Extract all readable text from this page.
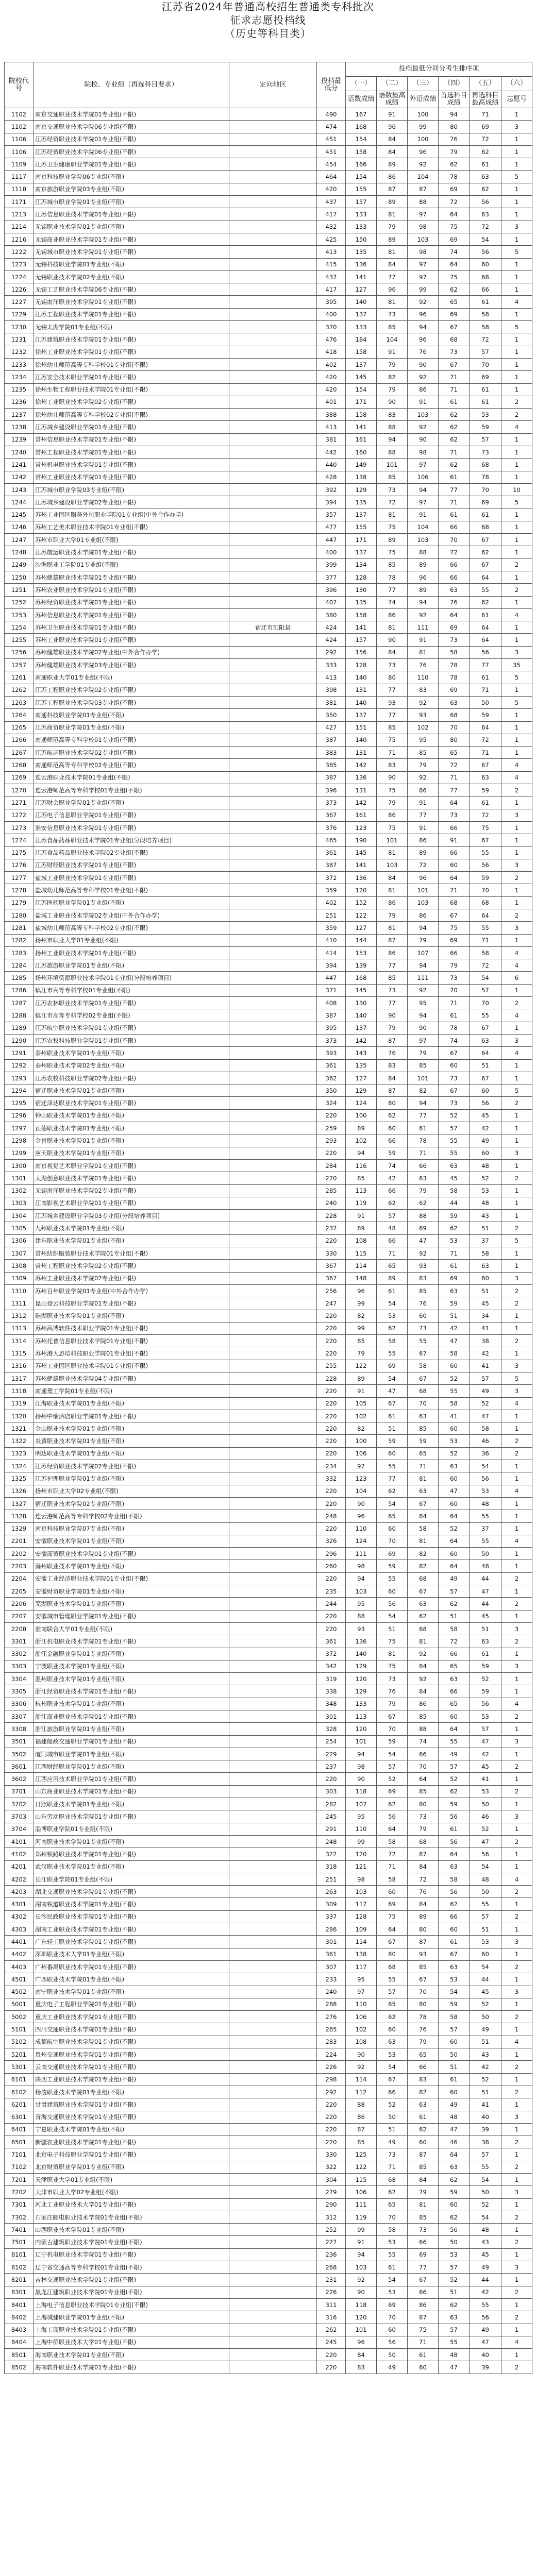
江苏省2024年普通高校招生普通类专科批次
征求志愿投档线
（历史等科目类）
院校代号	院校、专业组（再选科目要求）	定向地区	投档最低分	投档最低分同分考生排序项					
				（一）	（二）	（三）	（四）	（五）	（六）
				语数成绩	语数最高成绩	外语成绩	首选科目成绩	再选科目最高成绩	志愿号
1102	南京交通职业技术学院01专业组(不限)		490	167	91	100	94	71	1
1102	南京交通职业技术学院06专业组(不限)		474	168	96	99	80	69	3
1106	江苏经贸职业技术学院01专业组(不限)		451	154	84	100	76	72	1
1106	江苏经贸职业技术学院06专业组(不限)		451	158	84	96	79	62	1
1109	江苏卫生健康职业学院01专业组(不限)		454	166	89	92	62	61	1
1117	南京科技职业学院06专业组(不限)		464	154	86	104	78	63	5
1118	南京旅游职业学院03专业组(不限)		420	155	87	87	69	62	1
1171	江苏城市职业学院01专业组(不限)		437	157	89	88	72	56	1
1213	江苏信息职业技术学院01专业组(不限)		417	133	81	97	64	63	1
1214	无锡职业技术学院01专业组(不限)		432	133	79	98	75	72	3
1216	无锡商业职业技术学院01专业组(不限)		425	150	89	103	69	54	1
1222	无锡城市职业技术学院01专业组(不限)		413	135	81	98	74	56	5
1223	无锡科技职业学院01专业组(不限)		415	136	84	97	64	60	1
1224	无锡职业技术学院02专业组(不限)		437	141	77	97	75	68	1
1226	无锡工艺职业技术学院06专业组(不限)		417	127	96	99	62	66	1
1227	无锡南洋职业技术学院01专业组(不限)		395	140	81	92	65	61	4
1229	江苏工程职业技术学院01专业组(不限)		400	137	73	96	69	58	1
1230	无锡太湖学院01专业组(不限)		370	133	85	94	67	58	5
1231	江苏建筑职业技术学院01专业组(不限)		476	184	104	96	68	72	1
1232	徐州工业职业技术学院01专业组(不限)		418	158	91	76	73	57	1
1233	徐州幼儿师范高等专科学校01专业组(不限)		402	137	79	90	67	70	1
1234	江苏安全技术职业学院01专业组(不限)		420	145	82	92	71	69	1
1235	徐州生物工程职业技术学院01专业组(不限)		420	154	79	86	71	61	1
1236	徐州工业职业技术学院02专业组(不限)		401	171	90	91	61	61	2
1237	徐州幼儿师范高等专科学校02专业组(不限)		388	158	83	103	62	53	2
1238	江苏城乡建设职业学院01专业组(不限)		413	141	88	92	62	59	4
1239	常州信息职业技术学院01专业组(不限)		381	161	94	90	62	57	1
1240	常州工程职业技术学院01专业组(不限)		442	160	88	98	71	73	1
1241	常州机电职业技术学院01专业组(不限)		440	149	101	97	62	68	1
1242	常州工业职业技术学院01专业组(不限)		428	138	85	106	61	78	1
1243	江苏城市职业学院03专业组(不限)		392	129	73	94	77	70	10
1244	江苏城乡建设职业学院02专业组(不限)		394	135	72	97	71	69	5
1245	苏州工业园区服务外包职业学院01专业组(中外合作办学)		357	137	81	91	61	61	1
1246	苏州工艺美术职业技术学院01专业组(不限)		477	155	75	104	66	68	1
1247	苏州市职业大学01专业组(不限)		447	171	89	103	70	67	1
1248	江苏航运职业技术学院01专业组(不限)		400	137	75	88	72	62	1
1249	沙洲职业工学院01专业组(不限)		399	134	85	89	66	67	2
1250	苏州健雄职业技术学院01专业组(不限)		377	128	78	96	66	64	1
1251	苏州农业职业技术学院01专业组(不限)		396	130	77	89	63	55	2
1252	苏州经贸职业技术学院01专业组(不限)		407	135	74	94	76	62	1
1253	苏州信息职业技术学院01专业组(不限)		380	158	86	92	64	61	4
1254	苏州卫生职业技术学院01专业组(不限)	宿迁市泗阳县	424	141	81	111	69	64	1
1255	苏州工业职业技术学院01专业组(不限)		424	157	90	91	73	64	1
1256	苏州健雄职业技术学院02专业组(中外合作办学)		292	156	84	81	58	56	3
1257	苏州健雄职业技术学院03专业组(不限)		333	128	73	76	78	77	35
1261	南通职业大学01专业组(不限)		413	140	80	110	78	61	5
1262	江苏工程职业技术学院02专业组(不限)		398	131	77	83	69	71	1
1263	江苏工程职业技术学院03专业组(不限)		381	140	93	92	63	50	5
1264	南通科技职业学院01专业组(不限)		350	137	77	93	68	59	1
1265	江苏商贸职业学院01专业组(不限)		427	151	85	102	70	64	1
1266	南通师范高等专科学校01专业组(不限)		387	140	75	95	80	72	1
1267	江苏航运职业技术学院02专业组(不限)		383	131	71	85	65	71	1
1268	南通师范高等专科学校02专业组(不限)		385	142	83	79	72	67	4
1269	连云港职业技术学院01专业组(不限)		387	136	90	92	71	63	4
1270	连云港师范高等专科学校01专业组(不限)		396	131	75	86	77	59	2
1271	江苏财会职业学院01专业组(不限)		373	142	79	91	64	61	1
1272	江苏电子信息职业学院01专业组(不限)		367	161	86	77	73	72	3
1273	淮安信息职业技术学院01专业组(不限)		376	123	75	91	66	75	1
1274	江苏食品药品职业技术学院01专业组(分段培养项目)		465	190	101	86	91	67	1
1275	江苏食品药品职业技术学院02专业组(不限)		361	145	81	89	66	55	1
1276	江苏财经职业技术学院01专业组(不限)		387	141	103	72	60	56	3
1277	盐城工业职业技术学院01专业组(不限)		372	136	84	96	64	59	2
1278	盐城幼儿师范高等专科学校01专业组(不限)		359	120	81	101	71	70	1
1279	江苏医药职业学院01专业组(不限)		402	152	86	103	68	68	1
1280	盐城工业职业技术学院02专业组(中外合作办学)		251	122	79	86	67	64	2
1281	盐城幼儿师范高等专科学校02专业组(不限)		359	127	81	94	75	55	3
1282	扬州市职业大学01专业组(不限)		410	144	87	79	69	71	1
1283	扬州工业职业技术学院01专业组(不限)		414	153	86	107	66	58	4
1284	江苏旅游职业学院01专业组(不限)		394	139	77	94	79	72	4
1285	扬州环境资源职业技术学院01专业组(分段培养项目)		447	168	85	111	73	54	6
1286	镇江市高等专科学校01专业组(不限)		371	145	73	92	70	57	1
1287	江苏农林职业技术学院01专业组(不限)		408	130	77	95	71	70	2
1288	镇江市高等专科学校02专业组(不限)		387	140	90	94	61	55	4
1289	江苏航空职业技术学院01专业组(不限)		395	137	79	90	78	67	1
1290	江苏农牧科技职业学院01专业组(不限)		373	142	87	97	74	63	3
1291	泰州职业技术学院01专业组(不限)		393	143	76	79	67	64	4
1292	泰州职业技术学院02专业组(不限)		361	135	83	85	60	51	1
1293	江苏农牧科技职业学院02专业组(不限)		362	127	84	101	73	67	1
1294	宿迁职业技术学院01专业组(不限)		350	129	87	82	67	60	5
1295	宿迁泽达职业技术学院01专业组(不限)		324	124	80	94	73	56	2
1296	钟山职业技术学院01专业组(不限)		220	100	62	77	52	45	1
1297	正德职业技术学院01专业组(不限)		259	89	60	61	57	42	1
1298	金肯职业技术学院01专业组(不限)		293	102	66	78	55	49	1
1299	应天职业技术学院01专业组(不限)		220	94	59	71	55	60	3
1300	南京视觉艺术职业学院01专业组(不限)		284	116	74	66	63	48	1
1301	太湖创意职业技术学院01专业组(不限)		220	85	42	63	45	52	2
1302	无锡南洋职业技术学院02专业组(不限)		285	113	66	79	58	53	1
1303	江南影视艺术职业学院01专业组(不限)		240	119	62	62	44	48	1
1304	江苏城乡建设职业学院03专业组(分段培养项目)		228	91	57	88	59	43	1
1305	九州职业技术学院01专业组(不限)		237	89	48	69	62	51	2
1306	建东职业技术学院01专业组(不限)		220	108	66	47	53	37	5
1307	常州纺织服装职业技术学院01专业组(不限)		330	115	71	92	71	58	1
1308	常州工程职业技术学院02专业组(不限)		367	114	65	93	61	63	1
1309	苏州工业职业技术学院02专业组(不限)		367	148	89	83	69	60	3
1310	苏州百年职业学院01专业组(中外合作办学)		256	96	61	85	63	51	2
1311	昆山登云科技职业学院01专业组(不限)		247	99	54	76	59	45	2
1312	硅湖职业技术学院01专业组(不限)		220	82	53	60	51	34	1
1313	苏州高博软件技术职业学院01专业组(不限)		220	99	62	73	42	41	1
1314	苏州托普信息职业技术学院01专业组(不限)		220	85	58	55	47	38	2
1315	苏州港大思培科技职业学院01专业组(不限)		220	79	55	67	58	42	1
1316	苏州工业园区职业技术学院01专业组(不限)		255	122	69	58	60	41	3
1317	苏州健雄职业技术学院04专业组(不限)		228	89	54	67	52	57	5
1318	南通理工学院01专业组(不限)		220	91	47	68	55	49	3
1319	江海职业技术学院01专业组(不限)		220	105	67	70	58	52	4
1320	扬州中瑞酒店职业学院01专业组(不限)		220	102	61	63	41	47	1
1321	金山职业技术学院01专业组(不限)		220	82	51	85	60	58	1
1322	炎黄职业技术学院01专业组(不限)		220	100	59	59	53	46	2
1323	明达职业技术学院01专业组(不限)		220	106	60	65	52	36	2
1324	江苏经贸职业技术学院02专业组(不限)		234	97	55	71	63	54	1
1325	江苏护理职业学院01专业组(不限)		332	123	77	81	60	56	1
1326	扬州市职业大学02专业组(不限)		220	104	62	63	47	53	4
1327	宿迁职业技术学院02专业组(不限)		220	90	54	67	60	48	1
1328	连云港师范高等专科学校02专业组(不限)		248	96	65	84	64	55	1
1329	南京科技职业学院07专业组(不限)		220	110	60	58	52	37	1
2201	安徽职业技术学院01专业组(不限)		326	124	70	81	64	55	4
2202	安徽商贸职业技术学院01专业组(不限)		296	111	69	82	60	50	1
2203	滁州职业技术学院01专业组(不限)		260	98	59	82	64	48	1
2204	安徽工业经济职业技术学院01专业组(不限)		220	94	55	68	49	44	2
2205	安徽财贸职业学院01专业组(不限)		235	103	60	67	57	47	1
2206	芜湖职业技术学院01专业组(不限)		244	95	56	63	62	44	2
2207	安徽城市管理职业学院01专业组(不限)		220	88	54	62	51	45	1
2208	淮南联合大学01专业组(不限)		220	93	51	68	58	51	3
3301	浙江机电职业技术学院01专业组(不限)		361	136	75	81	72	63	2
3302	浙江金融职业学院01专业组(不限)		372	140	81	92	66	61	1
3303	宁波职业技术学院01专业组(不限)		342	129	75	84	65	59	3
3304	温州职业技术学院01专业组(不限)		319	120	73	92	63	52	1
3305	浙江经贸职业技术学院01专业组(不限)		338	129	76	84	66	59	1
3306	杭州职业技术学院01专业组(不限)		348	133	79	86	65	56	4
3307	浙江商业职业技术学院01专业组(不限)		301	113	67	85	60	53	2
3308	浙江旅游职业学院01专业组(不限)		328	120	70	88	64	57	1
3501	福建船政交通职业学院01专业组(不限)		254	101	59	74	55	47	3
3502	厦门城市职业学院01专业组(不限)		229	94	54	66	49	42	1
3601	江西财经职业学院01专业组(不限)		237	98	57	70	57	45	2
3602	江西应用技术职业学院01专业组(不限)		220	90	52	64	52	41	1
3701	山东商业职业技术学院01专业组(不限)		303	118	69	85	62	53	2
3702	日照职业技术学院01专业组(不限)		282	107	62	80	59	50	1
3703	山东劳动职业技术学院01专业组(不限)		245	95	56	73	56	46	3
3704	淄博职业学院01专业组(不限)		291	110	64	79	61	52	1
4101	河南职业技术学院01专业组(不限)		248	99	58	68	56	47	2
4102	郑州铁路职业技术学院01专业组(不限)		322	120	72	87	64	56	1
4201	武汉职业技术学院01专业组(不限)		318	121	71	84	63	54	1
4202	长江职业学院01专业组(不限)		251	98	58	72	58	48	4
4203	湖北交通职业技术学院01专业组(不限)		263	103	60	76	56	50	2
4301	湖南铁道职业技术学院01专业组(不限)		309	117	69	84	62	55	1
4302	长沙民政职业技术学院01专业组(不限)		337	128	75	89	66	57	2
4303	湖南工业职业技术学院01专业组(不限)		286	109	64	80	60	51	1
4401	广东轻工职业技术学院01专业组(不限)		301	114	67	87	61	53	3
4402	深圳职业技术大学01专业组(不限)		361	138	80	93	67	60	1
4403	广州番禺职业技术学院01专业组(不限)		307	117	68	85	63	54	2
4501	广西职业技术学院01专业组(不限)		233	95	55	67	53	44	1
4502	南宁职业技术学院01专业组(不限)		240	97	57	70	54	45	3
5001	重庆电子工程职业学院01专业组(不限)		288	110	65	80	59	52	1
5002	重庆工业职业技术学院01专业组(不限)		276	106	62	78	58	50	2
5101	四川交通职业技术学院01专业组(不限)		265	102	60	76	57	49	1
5102	成都航空职业技术学院01专业组(不限)		283	108	63	79	60	51	4
5201	贵州交通职业技术学院01专业组(不限)		224	90	53	65	50	43	1
5301	云南交通职业技术学院01专业组(不限)		226	92	54	66	51	42	2
6101	陕西工业职业技术学院01专业组(不限)		298	114	67	83	61	52	1
6102	杨凌职业技术学院01专业组(不限)		292	112	66	82	60	51	2
6201	甘肃建筑职业技术学院01专业组(不限)		220	88	52	63	49	41	1
6301	青海交通职业技术学院01专业组(不限)		220	86	50	61	48	40	3
6401	宁夏职业技术学院01专业组(不限)		220	87	51	62	47	39	1
6501	新疆农业职业技术学院01专业组(不限)		220	85	49	60	46	38	2
7101	北京电子科技职业学院01专业组(不限)		330	125	73	87	64	57	1
7102	北京财贸职业学院01专业组(不限)		322	122	71	85	63	55	2
7201	天津职业大学01专业组(不限)		304	115	68	84	62	54	1
7202	天津市职业大学02专业组(不限)		279	106	62	79	59	50	3
7301	河北工业职业技术大学01专业组(不限)		290	111	65	81	60	52	1
7302	石家庄邮电职业技术学院01专业组(不限)		312	119	70	85	62	54	2
7401	山西职业技术学院01专业组(不限)		252	99	58	73	56	48	1
7501	内蒙古建筑职业技术学院01专业组(不限)		227	91	53	66	50	43	2
8101	辽宁机电职业技术学院01专业组(不限)		236	94	55	69	53	45	1
8102	辽宁省交通高等专科学校01专业组(不限)		268	103	61	77	57	49	3
8201	吉林交通职业技术学院01专业组(不限)		231	92	54	67	52	44	1
8301	黑龙江建筑职业技术学院01专业组(不限)		226	90	53	66	51	42	2
8401	上海电子信息职业技术学院01专业组(不限)		311	118	69	86	62	55	1
8402	上海城建职业学院01专业组(不限)		316	120	70	87	63	56	2
8403	上海工商职业技术学院01专业组(不限)		262	101	60	75	57	49	1
8404	上海中侨职业技术大学01专业组(不限)		245	96	56	71	55	47	4
8501	海南职业技术学院01专业组(不限)		220	84	50	61	48	40	1
8502	海南软件职业技术学院01专业组(不限)		220	83	49	60	47	39	2
